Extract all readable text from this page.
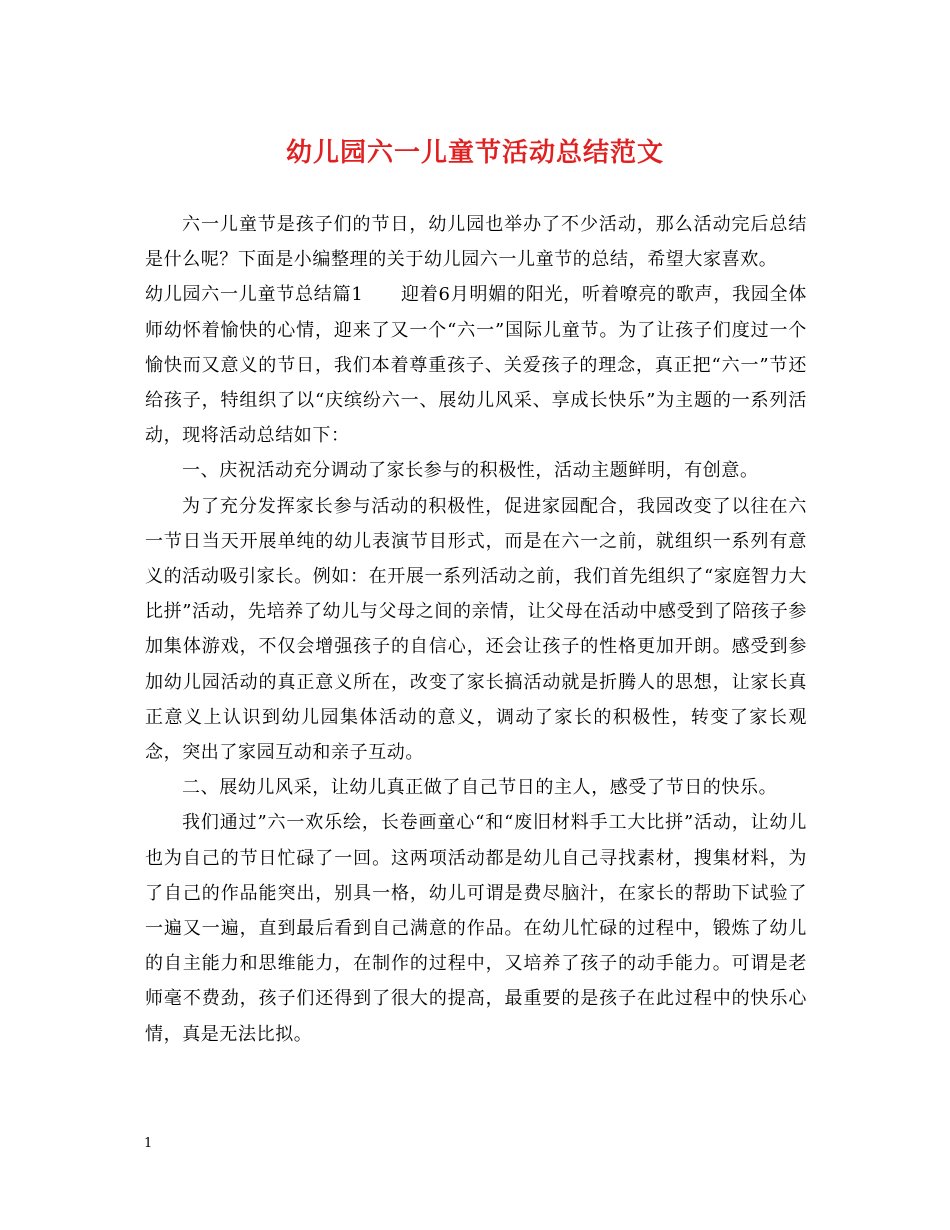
幼儿园六一儿童节活动总结范文

六一儿童节是孩子们的节日，幼儿园也举办了不少活动，那么活动完后总结是什么呢？下面是小编整理的关于幼儿园六一儿童节的总结，希望大家喜欢。

幼儿园六一儿童节总结篇1　　迎着6月明媚的阳光，听着嘹亮的歌声，我园全体师幼怀着愉快的心情，迎来了又一个“六一”国际儿童节。为了让孩子们度过一个愉快而又意义的节日，我们本着尊重孩子、关爱孩子的理念，真正把“六一”节还给孩子，特组织了以“庆缤纷六一、展幼儿风采、享成长快乐”为主题的一系列活动，现将活动总结如下：

一、庆祝活动充分调动了家长参与的积极性，活动主题鲜明，有创意。

为了充分发挥家长参与活动的积极性，促进家园配合，我园改变了以往在六一节日当天开展单纯的幼儿表演节目形式，而是在六一之前，就组织一系列有意义的活动吸引家长。例如：在开展一系列活动之前，我们首先组织了“家庭智力大比拼”活动，先培养了幼儿与父母之间的亲情，让父母在活动中感受到了陪孩子参加集体游戏，不仅会增强孩子的自信心，还会让孩子的性格更加开朗。感受到参加幼儿园活动的真正意义所在，改变了家长搞活动就是折腾人的思想，让家长真正意义上认识到幼儿园集体活动的意义，调动了家长的积极性，转变了家长观念，突出了家园互动和亲子互动。

二、展幼儿风采，让幼儿真正做了自己节日的主人，感受了节日的快乐。

我们通过”六一欢乐绘，长卷画童心“和“废旧材料手工大比拼”活动，让幼儿也为自己的节日忙碌了一回。这两项活动都是幼儿自己寻找素材，搜集材料，为了自己的作品能突出，别具一格，幼儿可谓是费尽脑汁，在家长的帮助下试验了一遍又一遍，直到最后看到自己满意的作品。在幼儿忙碌的过程中，锻炼了幼儿的自主能力和思维能力，在制作的过程中，又培养了孩子的动手能力。可谓是老师毫不费劲，孩子们还得到了很大的提高，最重要的是孩子在此过程中的快乐心情，真是无法比拟。

1
